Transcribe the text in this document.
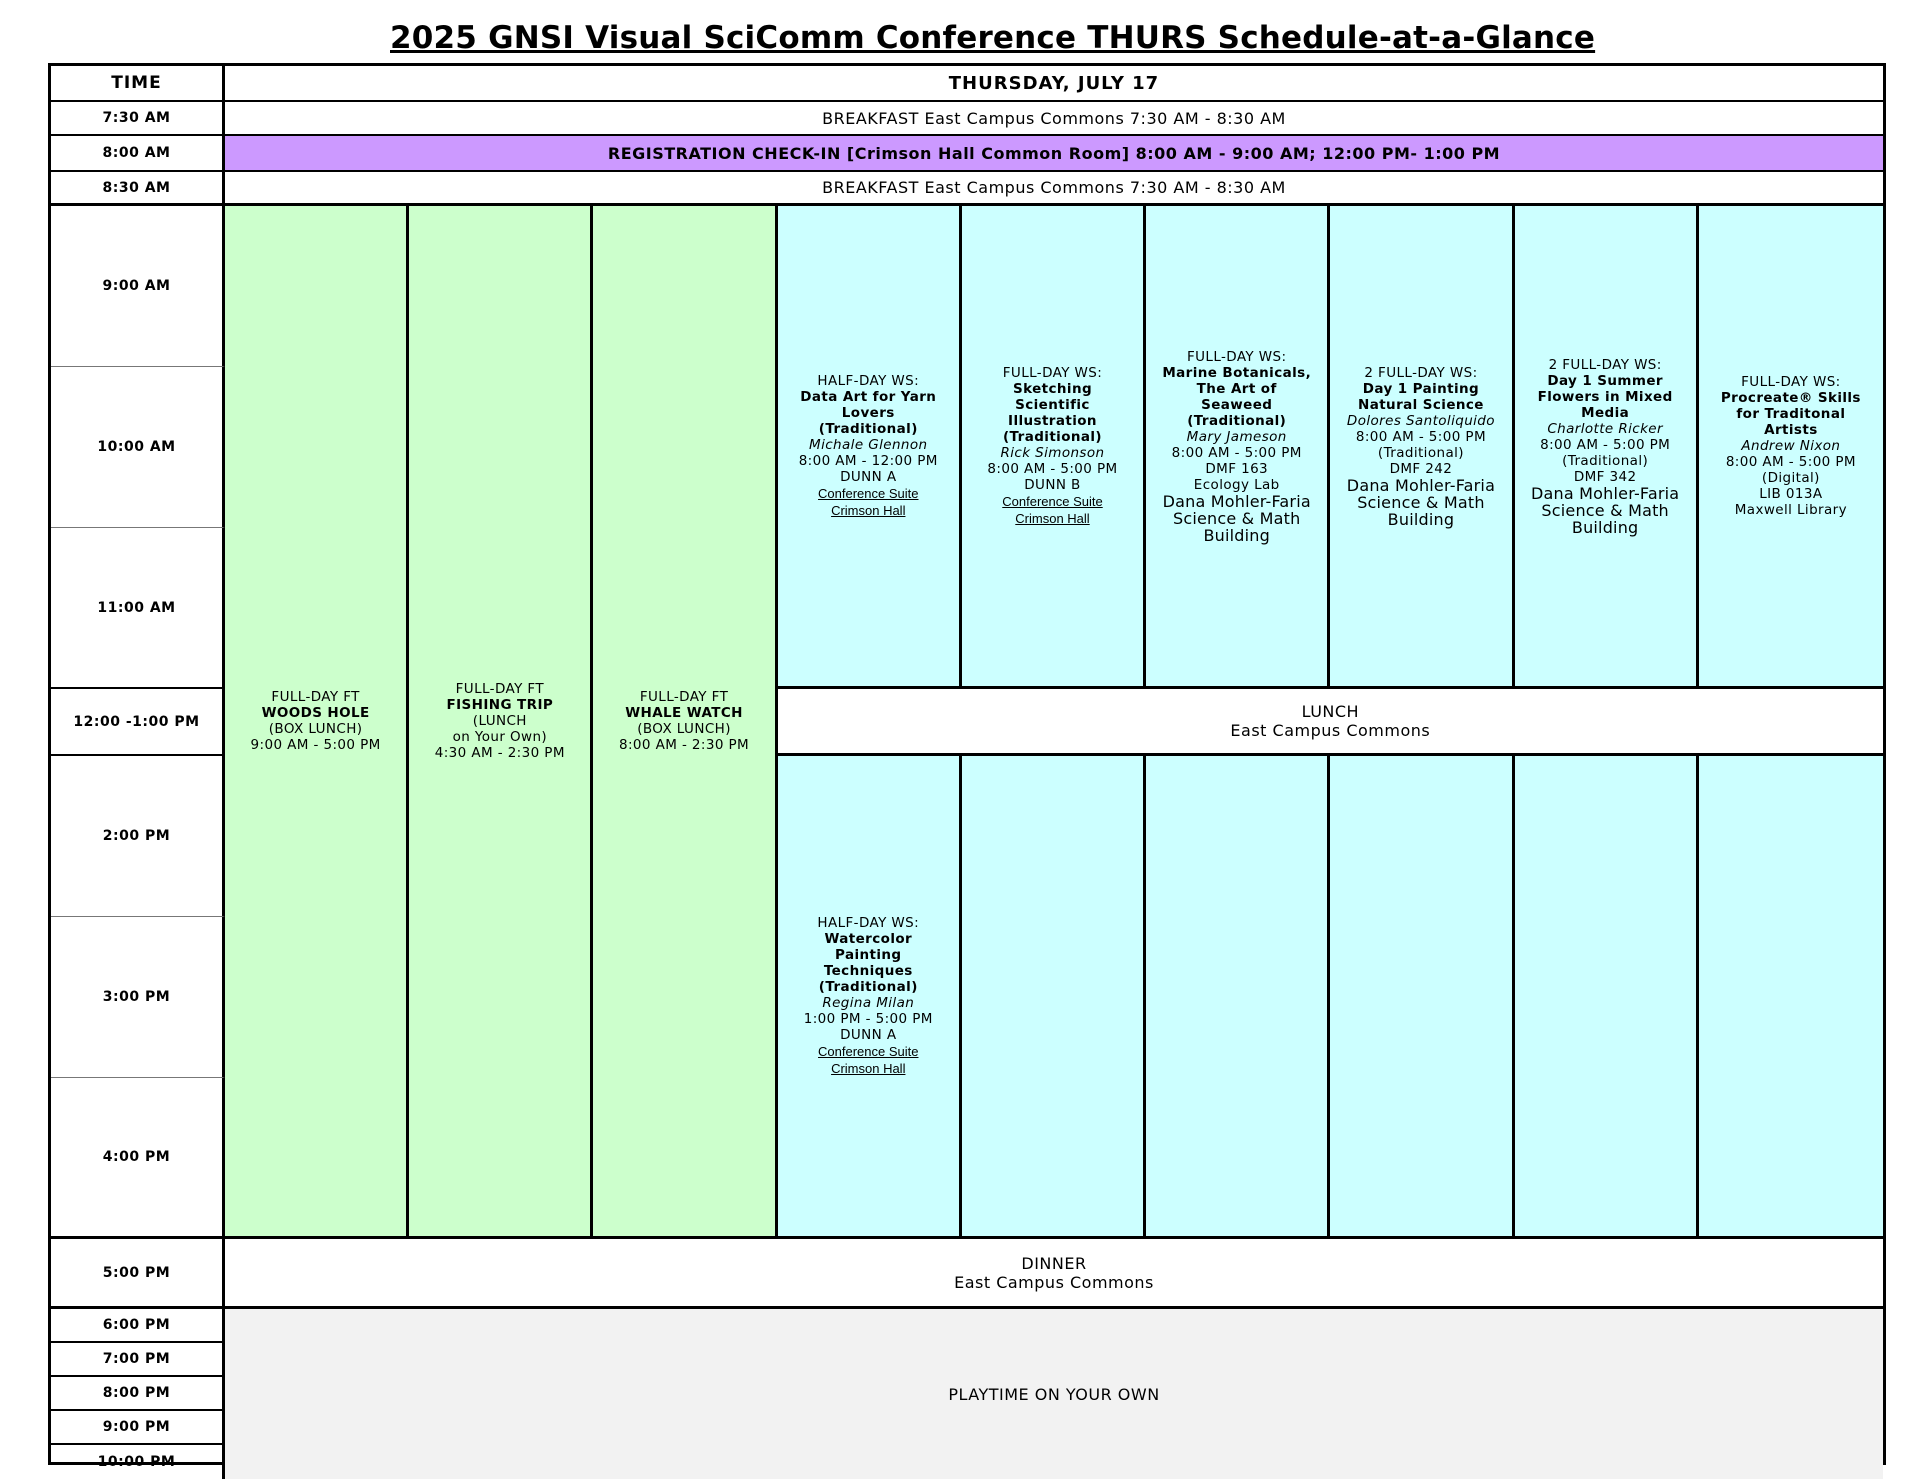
2025 GNSI Visual SciComm Conference THURS Schedule-at-a-Glance
TIME	THURSDAY, JULY 17
7:30 AM
8:00 AM
8:30 AM
9:00 AM
10:00 AM
11:00 AM
12:00 -1:00 PM
2:00 PM
3:00 PM
4:00 PM
5:00 PM
6:00 PM
7:00 PM
8:00 PM
9:00 PM
10:00 PM
BREAKFAST East Campus Commons 7:30 AM - 8:30 AM
REGISTRATION CHECK-IN [Crimson Hall Common Room] 8:00 AM - 9:00 AM; 12:00 PM- 1:00 PM
BREAKFAST East Campus Commons 7:30 AM - 8:30 AM
FULL-DAY FT
WOODS HOLE
(BOX LUNCH)
9:00 AM - 5:00 PM
FULL-DAY FT
FISHING TRIP
(LUNCH
on Your Own)
4:30 AM - 2:30 PM
FULL-DAY FT
WHALE WATCH
(BOX LUNCH)
8:00 AM - 2:30 PM
HALF-DAY WS:
Data Art for Yarn
Lovers
(Traditional)
Michale Glennon
8:00 AM - 12:00 PM
DUNN A
Conference Suite
Crimson Hall
FULL-DAY WS:
Sketching
Scientific
Illustration
(Traditional)
Rick Simonson
8:00 AM - 5:00 PM
DUNN B
Conference Suite
Crimson Hall
FULL-DAY WS:
Marine Botanicals,
The Art of
Seaweed
(Traditional)
Mary Jameson
8:00 AM - 5:00 PM
DMF 163
Ecology Lab
Dana Mohler-Faria
Science & Math
Building
2 FULL-DAY WS:
Day 1 Painting
Natural Science
Dolores Santoliquido
8:00 AM - 5:00 PM
(Traditional)
DMF 242
Dana Mohler-Faria
Science & Math
Building
2 FULL-DAY WS:
Day 1 Summer
Flowers in Mixed
Media
Charlotte Ricker
8:00 AM - 5:00 PM
(Traditional)
DMF 342
Dana Mohler-Faria
Science & Math
Building
FULL-DAY WS:
Procreate® Skills
for Traditonal
Artists
Andrew Nixon
8:00 AM - 5:00 PM
(Digital)
LIB 013A
Maxwell Library
LUNCH
East Campus Commons
HALF-DAY WS:
Watercolor
Painting
Techniques
(Traditional)
Regina Milan
1:00 PM - 5:00 PM
DUNN A
Conference Suite
Crimson Hall
DINNER
East Campus Commons
PLAYTIME ON YOUR OWN
